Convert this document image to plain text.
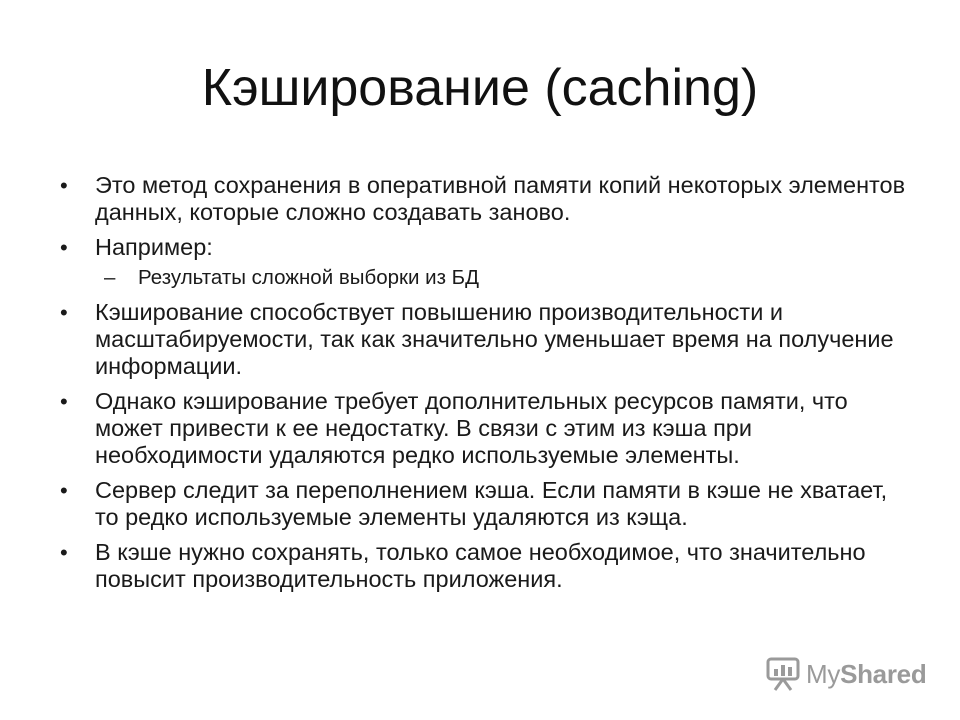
Кэширование (caching)
• Это метод сохранения в оперативной памяти копий некоторых элементов данных, которые сложно создавать заново.
• Например:
– Результаты сложной выборки из БД
• Кэширование способствует повышению производительности и масштабируемости, так как значительно уменьшает время на получение информации.
• Однако кэширование требует дополнительных ресурсов памяти, что может привести к ее недостатку. В связи с этим из кэша при необходимости удаляются редко используемые элементы.
• Сервер следит за переполнением кэша. Если памяти в кэше не хватает, то редко используемые элементы удаляются из кэща.
• В кэше нужно сохранять, только самое необходимое, что значительно повысит производительность приложения.
MyShared
